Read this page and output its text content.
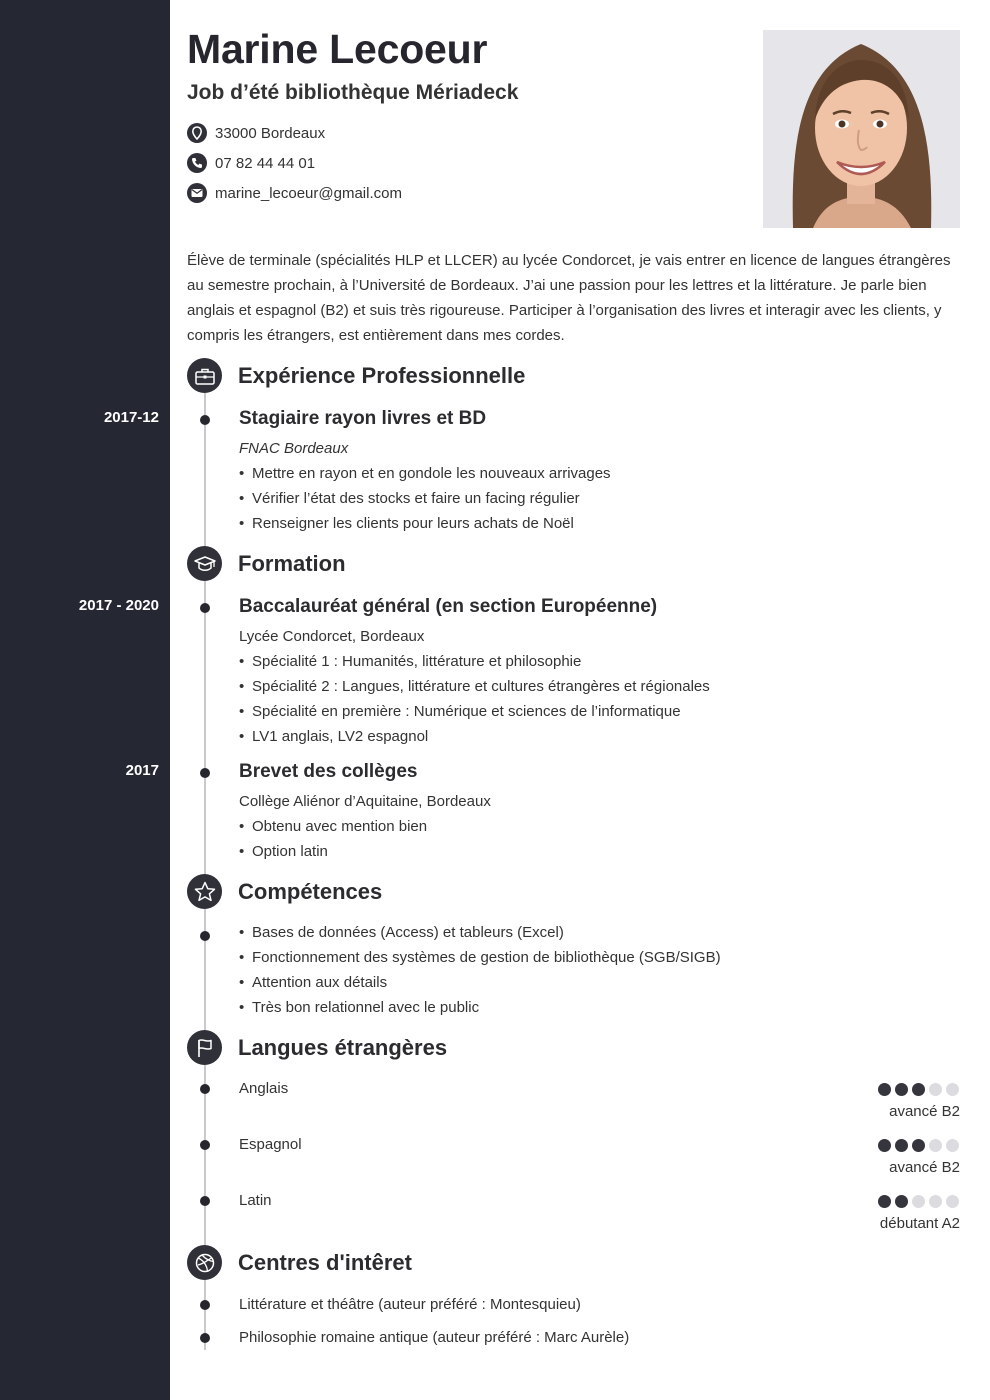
Marine Lecoeur
Job d’été bibliothèque Mériadeck
33000 Bordeaux
07 82 44 44 01
marine_lecoeur@gmail.com

Élève de terminale (spécialités HLP et LLCER) au lycée Condorcet, je vais entrer en licence de langues étrangères au semestre prochain, à l’Université de Bordeaux. J’ai une passion pour les lettres et la littérature. Je parle bien anglais et espagnol (B2) et suis très rigoureuse. Participer à l’organisation des livres et interagir avec les clients, y compris les étrangers, est entièrement dans mes cordes.

Expérience Professionnelle
2017-12	Stagiaire rayon livres et BD
FNAC Bordeaux
• Mettre en rayon et en gondole les nouveaux arrivages
• Vérifier l’état des stocks et faire un facing régulier
• Renseigner les clients pour leurs achats de Noël
Formation
2017 - 2020	Baccalauréat général (en section Européenne)
Lycée Condorcet, Bordeaux
• Spécialité 1 : Humanités, littérature et philosophie
• Spécialité 2 : Langues, littérature et cultures étrangères et régionales
• Spécialité en première : Numérique et sciences de l’informatique
• LV1 anglais, LV2 espagnol
2017	Brevet des collèges
Collège Aliénor d’Aquitaine, Bordeaux
• Obtenu avec mention bien
• Option latin
Compétences
• Bases de données (Access) et tableurs (Excel)
• Fonctionnement des systèmes de gestion de bibliothèque (SGB/SIGB)
• Attention aux détails
• Très bon relationnel avec le public
Langues étrangères
Anglais
avancé B2
Espagnol
avancé B2
Latin
débutant A2
Centres d'intêret
Littérature et théâtre (auteur préféré : Montesquieu)
Philosophie romaine antique (auteur préféré : Marc Aurèle)
